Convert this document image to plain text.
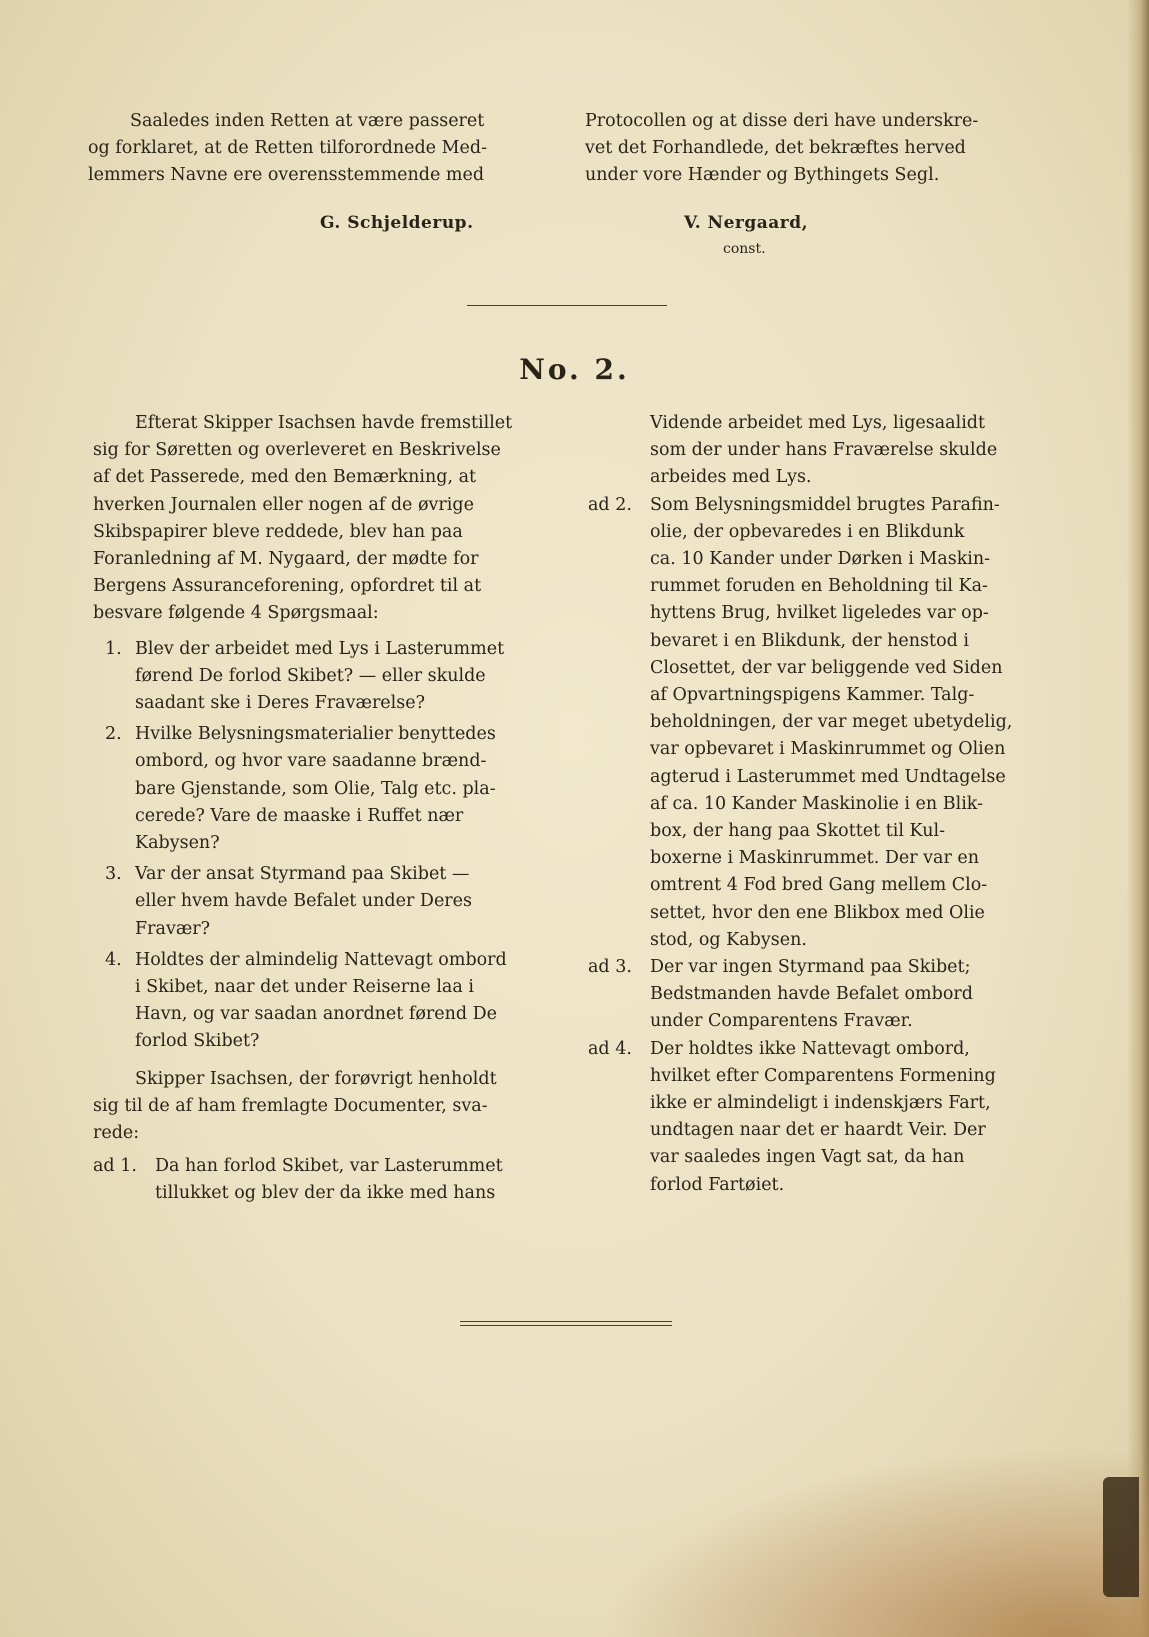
Saaledes inden Retten at være passeret

og forklaret, at de Retten tilforordnede Med-

lemmers Navne ere overensstemmende med

Protocollen og at disse deri have underskre-

vet det Forhandlede, det bekræftes herved

under vore Hænder og Bythingets Segl.

G. Schjelderup.	V. Nergaard,
const.
No. 2.

Efterat Skipper Isachsen havde fremstillet

sig for Søretten og overleveret en Beskrivelse

af det Passerede, med den Bemærkning, at

hverken Journalen eller nogen af de øvrige

Skibspapirer bleve reddede, blev han paa

Foranledning af M. Nygaard, der mødte for

Bergens Assuranceforening, opfordret til at

besvare følgende 4 Spørgsmaal:

1. Blev der arbeidet med Lys i Lasterummet

førend De forlod Skibet? — eller skulde

saadant ske i Deres Fraværelse?

2. Hvilke Belysningsmaterialier benyttedes

ombord, og hvor vare saadanne brænd-

bare Gjenstande, som Olie, Talg etc. pla-

cerede? Vare de maaske i Ruffet nær

Kabysen?

3. Var der ansat Styrmand paa Skibet —

eller hvem havde Befalet under Deres

Fravær?

4. Holdtes der almindelig Nattevagt ombord

i Skibet, naar det under Reiserne laa i

Havn, og var saadan anordnet førend De

forlod Skibet?

Skipper Isachsen, der forøvrigt henholdt

sig til de af ham fremlagte Documenter, sva-

rede:

ad 1.	Da han forlod Skibet, var Lasterummet

tillukket og blev der da ikke med hans

Vidende arbeidet med Lys, ligesaalidt

som der under hans Fraværelse skulde

arbeides med Lys.

ad 2.	Som Belysningsmiddel brugtes Parafin-

olie, der opbevaredes i en Blikdunk

ca. 10 Kander under Dørken i Maskin-

rummet foruden en Beholdning til Ka-

hyttens Brug, hvilket ligeledes var op-

bevaret i en Blikdunk, der henstod i

Closettet, der var beliggende ved Siden

af Opvartningspigens Kammer. Talg-

beholdningen, der var meget ubetydelig,

var opbevaret i Maskinrummet og Olien

agterud i Lasterummet med Undtagelse

af ca. 10 Kander Maskinolie i en Blik-

box, der hang paa Skottet til Kul-

boxerne i Maskinrummet. Der var en

omtrent 4 Fod bred Gang mellem Clo-

settet, hvor den ene Blikbox med Olie

stod, og Kabysen.

ad 3.	Der var ingen Styrmand paa Skibet;

Bedstmanden havde Befalet ombord

under Comparentens Fravær.

ad 4.	Der holdtes ikke Nattevagt ombord,

hvilket efter Comparentens Formening

ikke er almindeligt i indenskjærs Fart,

undtagen naar det er haardt Veir. Der

var saaledes ingen Vagt sat, da han

forlod Fartøiet.
